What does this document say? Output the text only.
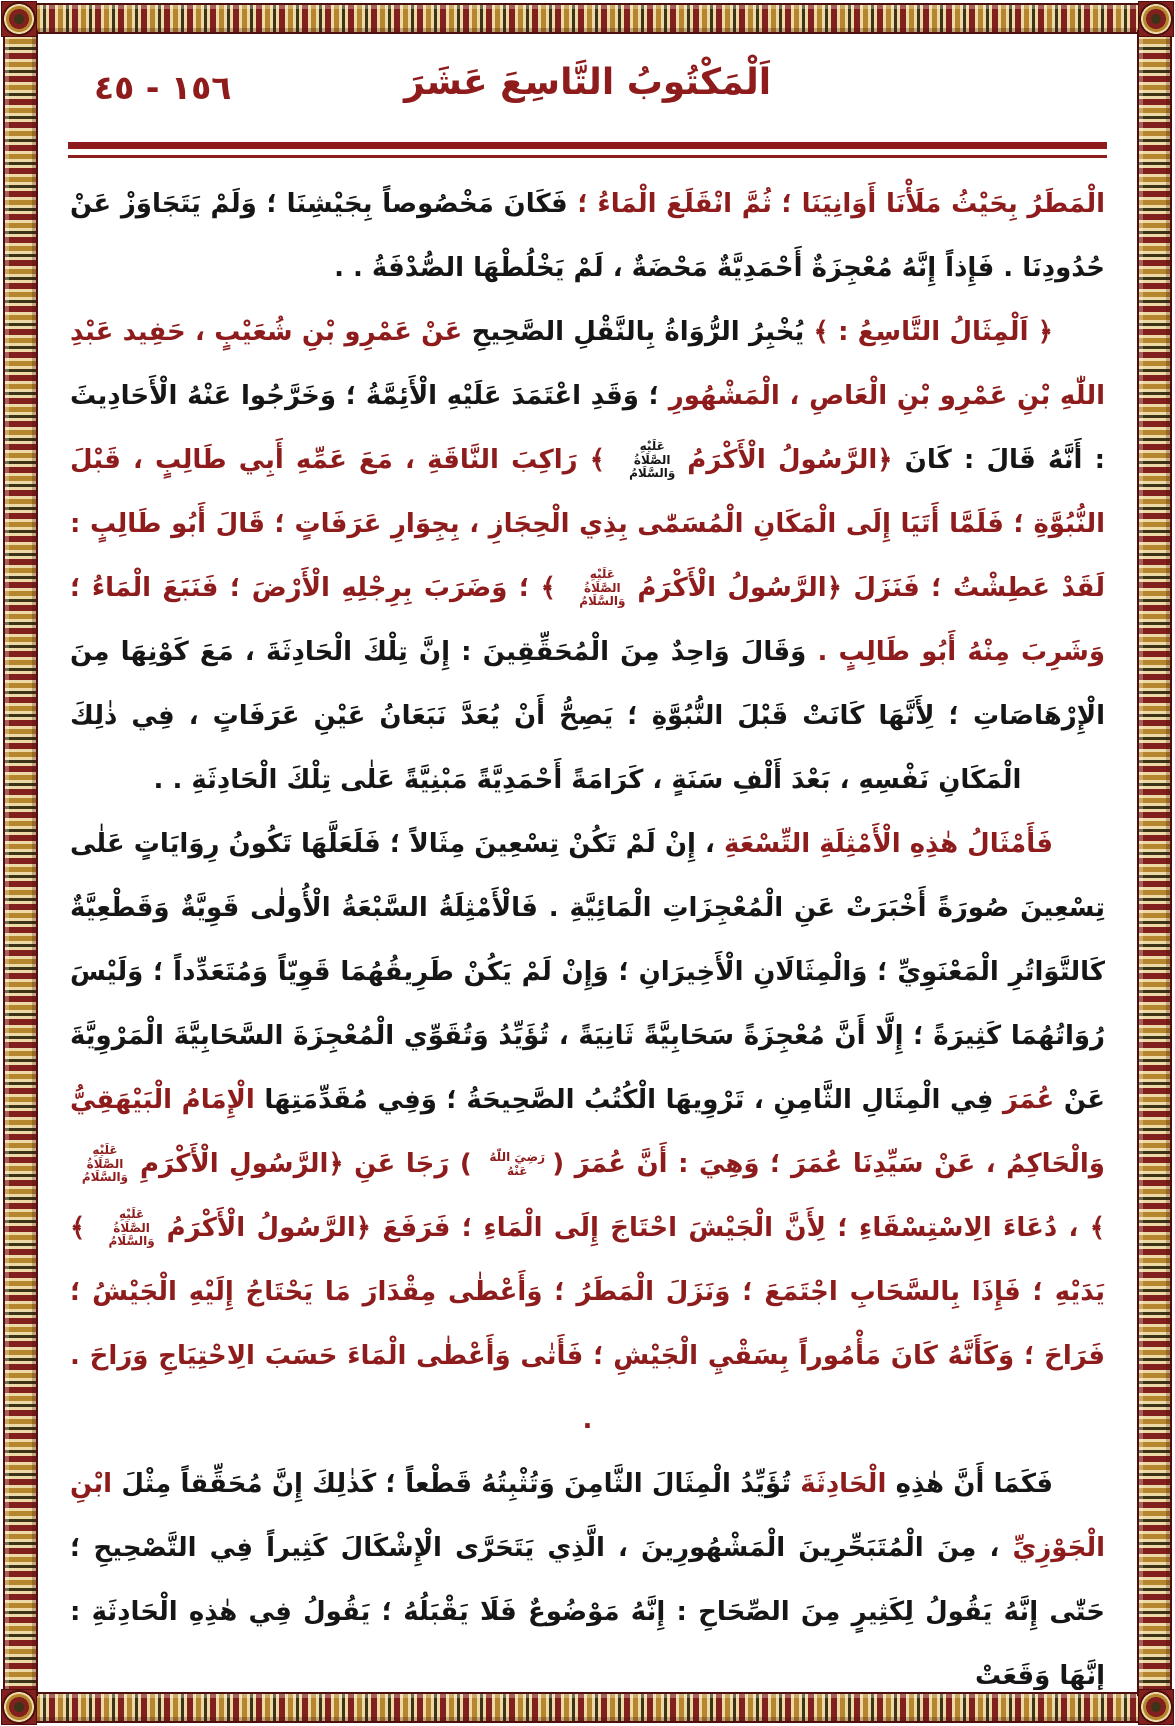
١٥٦ - ٤٥	اَلْمَكْتُوبُ التَّاسِعَ عَشَرَ

الْمَطَرُ بِحَيْثُ مَلَأْنَا أَوَانِيَنَا ؛ ثُمَّ انْقَلَعَ الْمَاءُ ؛ فَكَانَ مَخْصُوصاً بِجَيْشِنَا ؛ وَلَمْ يَتَجَاوَزْ عَنْ حُدُودِنَا . فَإِذاً إِنَّهُ مُعْجِزَةٌ أَحْمَدِيَّةٌ مَحْضَةٌ ، لَمْ يَخْلُطْهَا الصُّدْفَةُ . .

﴿ اَلْمِثَالُ التَّاسِعُ : ﴾ يُخْبِرُ الرُّوَاةُ بِالنَّقْلِ الصَّحِيحِ عَنْ عَمْرِو بْنِ شُعَيْبٍ ، حَفِيد عَبْدِ اللّٰهِ بْنِ عَمْرِو بْنِ الْعَاصِ ، الْمَشْهُورِ ؛ وَقَدِ اعْتَمَدَ عَلَيْهِ الْأَئِمَّةُ ؛ وَخَرَّجُوا عَنْهُ الْأَحَادِيثَ : أَنَّهُ قَالَ : كَانَ ﴿الرَّسُولُ الْأَكْرَمُعَلَيْهِ الصَّلَاةُ وَالسَّلَامُ ﴾ رَاكِبَ النَّاقَةِ ، مَعَ عَمِّهِ أَبِي طَالِبٍ ، قَبْلَ النُّبُوَّةِ ؛ فَلَمَّا أَتَيَا إِلَى الْمَكَانِ الْمُسَمّٰى بِذِي الْحِجَازِ ، بِجِوَارِ عَرَفَاتٍ ؛ قَالَ أَبُو طَالِبٍ : لَقَدْ عَطِشْتُ ؛ فَنَزَلَ ﴿الرَّسُولُ الْأَكْرَمُعَلَيْهِ الصَّلَاةُ وَالسَّلَامُ ﴾ ؛ وَضَرَبَ بِرِجْلِهِ الْأَرْضَ ؛ فَنَبَعَ الْمَاءُ ؛ وَشَرِبَ مِنْهُ أَبُو طَالِبٍ . وَقَالَ وَاحِدٌ مِنَ الْمُحَقِّقِينَ : إِنَّ تِلْكَ الْحَادِثَةَ ، مَعَ كَوْنِهَا مِنَ الْإِرْهَاصَاتِ ؛ لِأَنَّهَا كَانَتْ قَبْلَ النُّبُوَّةِ ؛ يَصِحُّ أَنْ يُعَدَّ نَبَعَانُ عَيْنِ عَرَفَاتٍ ، فِي ذٰلِكَ الْمَكَانِ نَفْسِهِ ، بَعْدَ أَلْفِ سَنَةٍ ، كَرَامَةً أَحْمَدِيَّةً مَبْنِيَّةً عَلٰى تِلْكَ الْحَادِثَةِ . .

فَأَمْثَالُ هٰذِهِ الْأَمْثِلَةِ التِّسْعَةِ ، إِنْ لَمْ تَكُنْ تِسْعِينَ مِثَالاً ؛ فَلَعَلَّهَا تَكُونُ رِوَايَاتٍ عَلٰى تِسْعِينَ صُورَةً أَخْبَرَتْ عَنِ الْمُعْجِزَاتِ الْمَائِيَّةِ . فَالْأَمْثِلَةُ السَّبْعَةُ الْأُولٰى قَوِيَّةٌ وَقَطْعِيَّةٌ كَالتَّوَاتُرِ الْمَعْنَوِيِّ ؛ وَالْمِثَالَانِ الْأَخِيرَانِ ؛ وَإِنْ لَمْ يَكُنْ طَرِيقُهُمَا قَوِيّاً وَمُتَعَدِّداً ؛ وَلَيْسَ رُوَاتُهُمَا كَثِيرَةً ؛ إِلَّا أَنَّ مُعْجِزَةً سَحَابِيَّةً ثَانِيَةً ، تُؤَيِّدُ وَتُقَوِّي الْمُعْجِزَةَ السَّحَابِيَّةَ الْمَرْوِيَّةَ عَنْ عُمَرَ فِي الْمِثَالِ الثَّامِنِ ، تَرْوِيهَا الْكُتُبُ الصَّحِيحَةُ ؛ وَفِي مُقَدِّمَتِهَا الْإِمَامُ الْبَيْهَقِيُّ وَالْحَاكِمُ ، عَنْ سَيِّدِنَا عُمَرَ ؛ وَهِيَ : أَنَّ عُمَرَ (رَضِيَ اللّٰهُ عَنْهُ ) رَجَا عَنِ ﴿الرَّسُولِ الْأَكْرَمِعَلَيْهِ الصَّلَاةُ وَالسَّلَامُ ﴾ ، دُعَاءَ الِاسْتِسْقَاءِ ؛ لِأَنَّ الْجَيْشَ احْتَاجَ إِلَى الْمَاءِ ؛ فَرَفَعَ ﴿الرَّسُولُ الْأَكْرَمُعَلَيْهِ الصَّلَاةُ وَالسَّلَامُ ﴾ يَدَيْهِ ؛ فَإِذَا بِالسَّحَابِ اجْتَمَعَ ؛ وَنَزَلَ الْمَطَرُ ؛ وَأَعْطٰى مِقْدَارَ مَا يَحْتَاجُ إِلَيْهِ الْجَيْشُ ؛ فَرَاحَ ؛ وَكَأَنَّهُ كَانَ مَأْمُوراً بِسَقْيِ الْجَيْشِ ؛ فَأَتٰى وَأَعْطٰى الْمَاءَ حَسَبَ الِاحْتِيَاجِ وَرَاحَ . .

فَكَمَا أَنَّ هٰذِهِ الْحَادِثَةَ تُؤَيِّدُ الْمِثَالَ الثَّامِنَ وَتُثْبِتُهُ قَطْعاً ؛ كَذٰلِكَ إِنَّ مُحَقِّقاً مِثْلَ ابْنِ الْجَوْزِيِّ ، مِنَ الْمُتَبَحِّرِينَ الْمَشْهُورِينَ ، الَّذِي يَتَحَرَّى الْإِشْكَالَ كَثِيراً فِي التَّصْحِيحِ ؛ حَتّٰى إِنَّهُ يَقُولُ لِكَثِيرٍ مِنَ الصِّحَاحِ : إِنَّهُ مَوْضُوعٌ فَلَا يَقْبَلُهُ ؛ يَقُولُ فِي هٰذِهِ الْحَادِثَةِ : إِنَّهَا وَقَعَتْ
